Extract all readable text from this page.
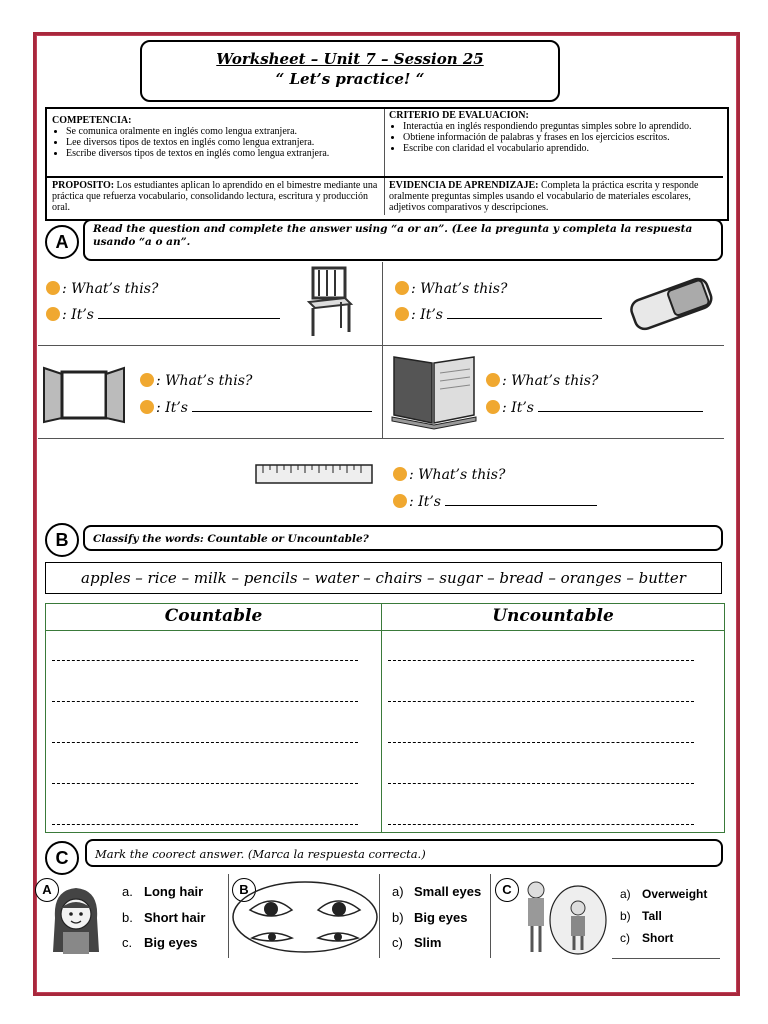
Worksheet – Unit 7 – Session 25
“ Let’s practice! “
COMPETENCIA:
• Se comunica oralmente en inglés como lengua extranjera.
• Lee diversos tipos de textos en inglés como lengua extranjera.
• Escribe diversos tipos de textos en inglés como lengua extranjera.
CRITERIO DE EVALUACION:
• Interactúa en inglés respondiendo preguntas simples sobre lo aprendido.
• Obtiene información de palabras y frases en los ejercicios escritos.
• Escribe con claridad el vocabulario aprendido.
PROPOSITO: Los estudiantes aplican lo aprendido en el bimestre mediante una práctica que refuerza vocabulario, consolidando lectura, escritura y producción oral.
EVIDENCIA DE APRENDIZAJE: Completa la práctica escrita y responde oralmente preguntas simples usando el vocabulario de materiales escolares, adjetivos comparativos y descripciones.
A
Read the question and complete the answer using “a or an”. (Lee la pregunta y completa la respuesta usando “a o an”.
: What’s this?
: It’s
: What’s this?
: It’s
: What’s this?
: It’s
: What’s this?
: It’s
: What’s this?
: It’s
B	Classify the words: Countable or Uncountable?
apples – rice – milk – pencils – water – chairs – sugar – bread – oranges – butter
Countable	Uncountable
C	Mark the coorect answer. (Marca la respuesta correcta.)
A	a. Long hair
b. Short hair
c. Big eyes
B	a) Small eyes
b) Big eyes
c) Slim
C	a) Overweight
b) Tall
c) Short
